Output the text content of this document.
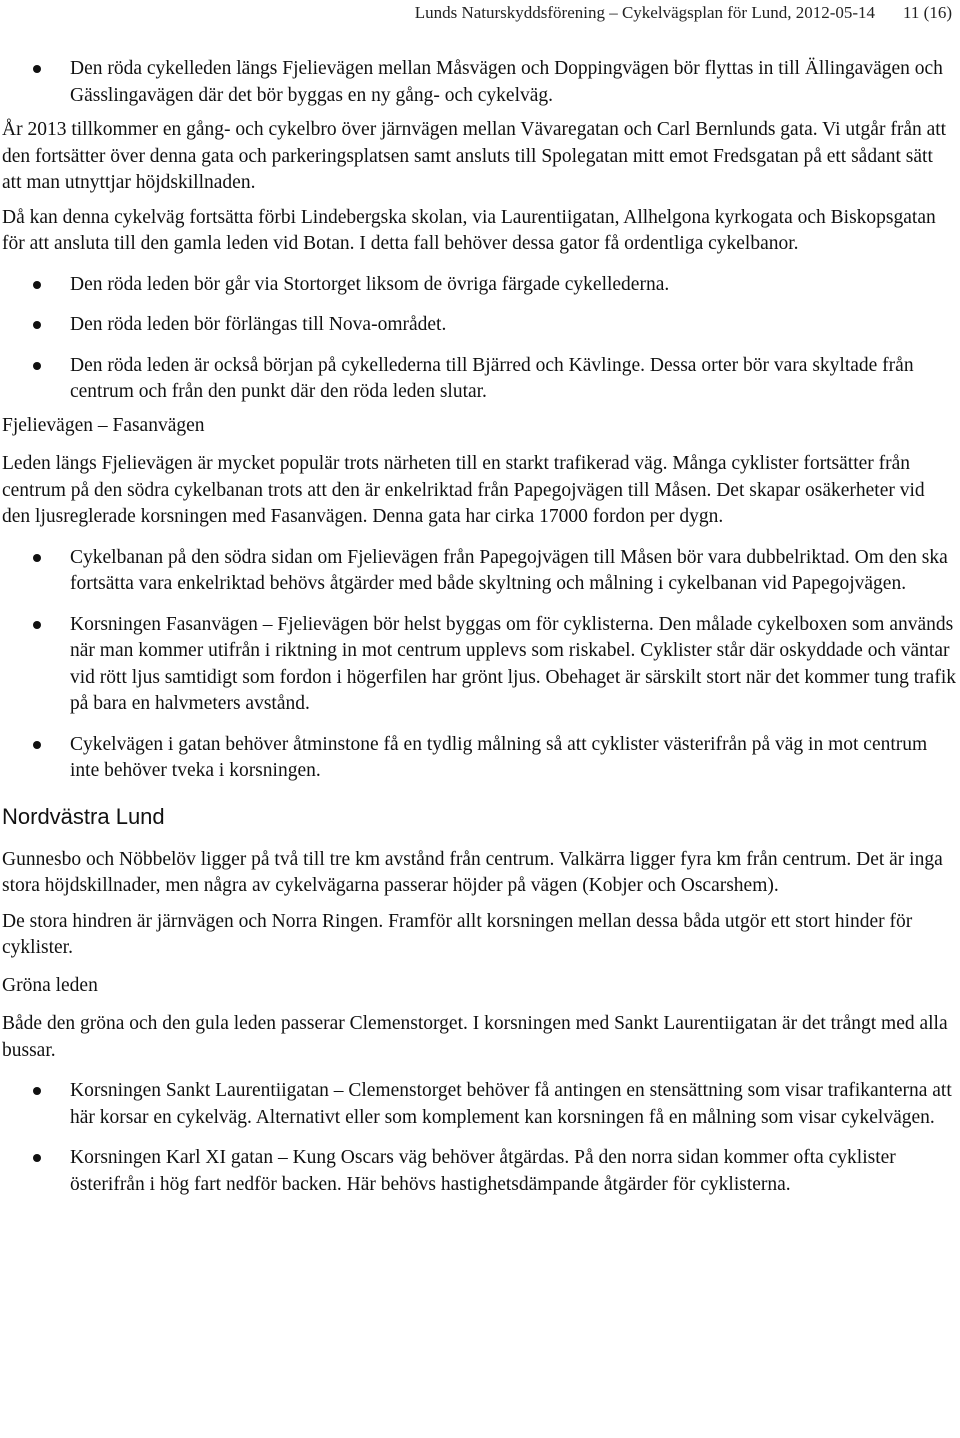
Lunds Naturskyddsförening – Cykelvägsplan för Lund, 2012-05-14 11 (16)

Den röda cykelleden längs Fjelievägen mellan Måsvägen och Doppingvägen bör flyttas in till Ällingavägen och Gässlingavägen där det bör byggas en ny gång- och cykelväg.

År 2013 tillkommer en gång- och cykelbro över järnvägen mellan Vävaregatan och Carl Bernlunds gata. Vi utgår från att den fortsätter över denna gata och parkeringsplatsen samt ansluts till Spolegatan mitt emot Fredsgatan på ett sådant sätt att man utnyttjar höjdskillnaden.

Då kan denna cykelväg fortsätta förbi Lindebergska skolan, via Laurentiigatan, Allhelgona kyrkogata och Biskopsgatan för att ansluta till den gamla leden vid Botan. I detta fall behöver dessa gator få ordentliga cykelbanor.

Den röda leden bör går via Stortorget liksom de övriga färgade cykellederna.

Den röda leden bör förlängas till Nova-området.

Den röda leden är också början på cykellederna till Bjärred och Kävlinge. Dessa orter bör vara skyltade från centrum och från den punkt där den röda leden slutar.

Fjelievägen – Fasanvägen

Leden längs Fjelievägen är mycket populär trots närheten till en starkt trafikerad väg. Många cyklister fortsätter från centrum på den södra cykelbanan trots att den är enkelriktad från Papegojvägen till Måsen. Det skapar osäkerheter vid den ljusreglerade korsningen med Fasanvägen. Denna gata har cirka 17000 fordon per dygn.

Cykelbanan på den södra sidan om Fjelievägen från Papegojvägen till Måsen bör vara dubbelriktad. Om den ska fortsätta vara enkelriktad behövs åtgärder med både skyltning och målning i cykelbanan vid Papegojvägen.

Korsningen Fasanvägen – Fjelievägen bör helst byggas om för cyklisterna. Den målade cykelboxen som används när man kommer utifrån i riktning in mot centrum upplevs som riskabel. Cyklister står där oskyddade och väntar vid rött ljus samtidigt som fordon i högerfilen har grönt ljus. Obehaget är särskilt stort när det kommer tung trafik på bara en halvmeters avstånd.

Cykelvägen i gatan behöver åtminstone få en tydlig målning så att cyklister västerifrån på väg in mot centrum inte behöver tveka i korsningen.

Nordvästra Lund

Gunnesbo och Nöbbelöv ligger på två till tre km avstånd från centrum. Valkärra ligger fyra km från centrum. Det är inga stora höjdskillnader, men några av cykelvägarna passerar höjder på vägen (Kobjer och Oscarshem).

De stora hindren är järnvägen och Norra Ringen. Framför allt korsningen mellan dessa båda utgör ett stort hinder för cyklister.

Gröna leden

Både den gröna och den gula leden passerar Clemenstorget. I korsningen med Sankt Laurentiigatan är det trångt med alla bussar.

Korsningen Sankt Laurentiigatan – Clemenstorget behöver få antingen en stensättning som visar trafikanterna att här korsar en cykelväg. Alternativt eller som komplement kan korsningen få en målning som visar cykelvägen.

Korsningen Karl XI gatan – Kung Oscars väg behöver åtgärdas. På den norra sidan kommer ofta cyklister österifrån i hög fart nedför backen. Här behövs hastighetsdämpande åtgärder för cyklisterna.
